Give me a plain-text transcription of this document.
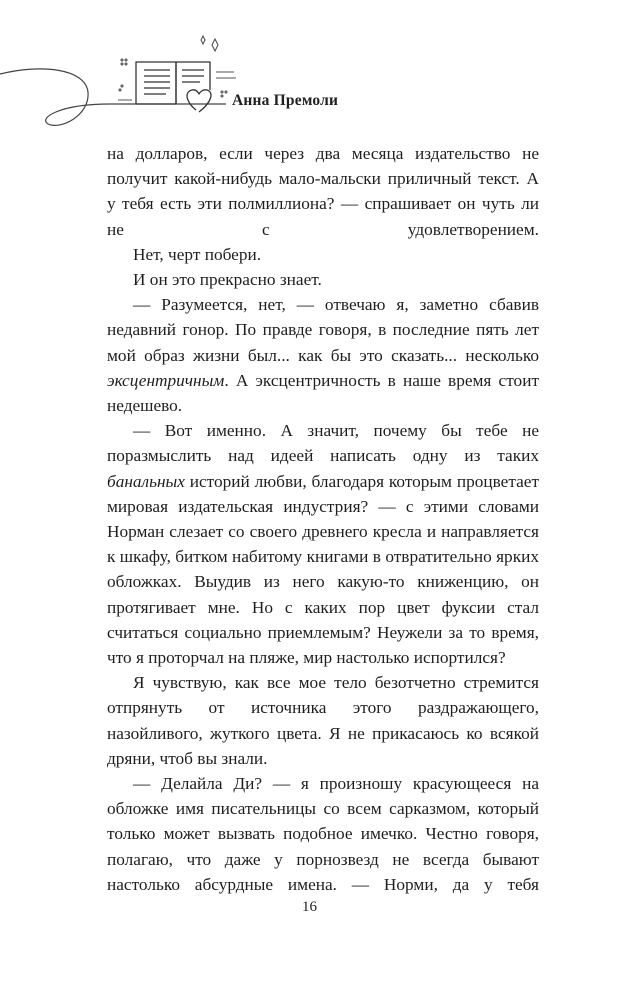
Анна Премоли

на долларов, если через два месяца издательство не получит какой-нибудь мало-мальски приличный текст. А у тебя есть эти полмиллиона? — спрашивает он чуть ли не с удовлетворением.

Нет, черт побери.

И он это прекрасно знает.

— Разумеется, нет, — отвечаю я, заметно сбавив недавний гонор. По правде говоря, в последние пять лет мой образ жизни был... как бы это сказать... несколько эксцентричным. А эксцентричность в наше время стоит недешево.

— Вот именно. А значит, почему бы тебе не поразмыслить над идеей написать одну из таких банальных историй любви, благодаря которым процветает мировая издательская индустрия? — с этими словами Норман слезает со своего древнего кресла и направляется к шкафу, битком набитому книгами в отвратительно ярких обложках. Выудив из него какую-то книженцию, он протягивает мне. Но с каких пор цвет фуксии стал считаться социально приемлемым? Неужели за то время, что я проторчал на пляже, мир настолько испортился?

Я чувствую, как все мое тело безотчетно стремится отпрянуть от источника этого раздражающего, назойливого, жуткого цвета. Я не прикасаюсь ко всякой дряни, чтоб вы знали.

— Делайла Ди? — я произношу красующееся на обложке имя писательницы со всем сарказмом, который только может вызвать подобное имечко. Честно говоря, полагаю, что даже у порнозвезд не всегда бывают настолько абсурдные имена. — Норми, да у тебя

16
